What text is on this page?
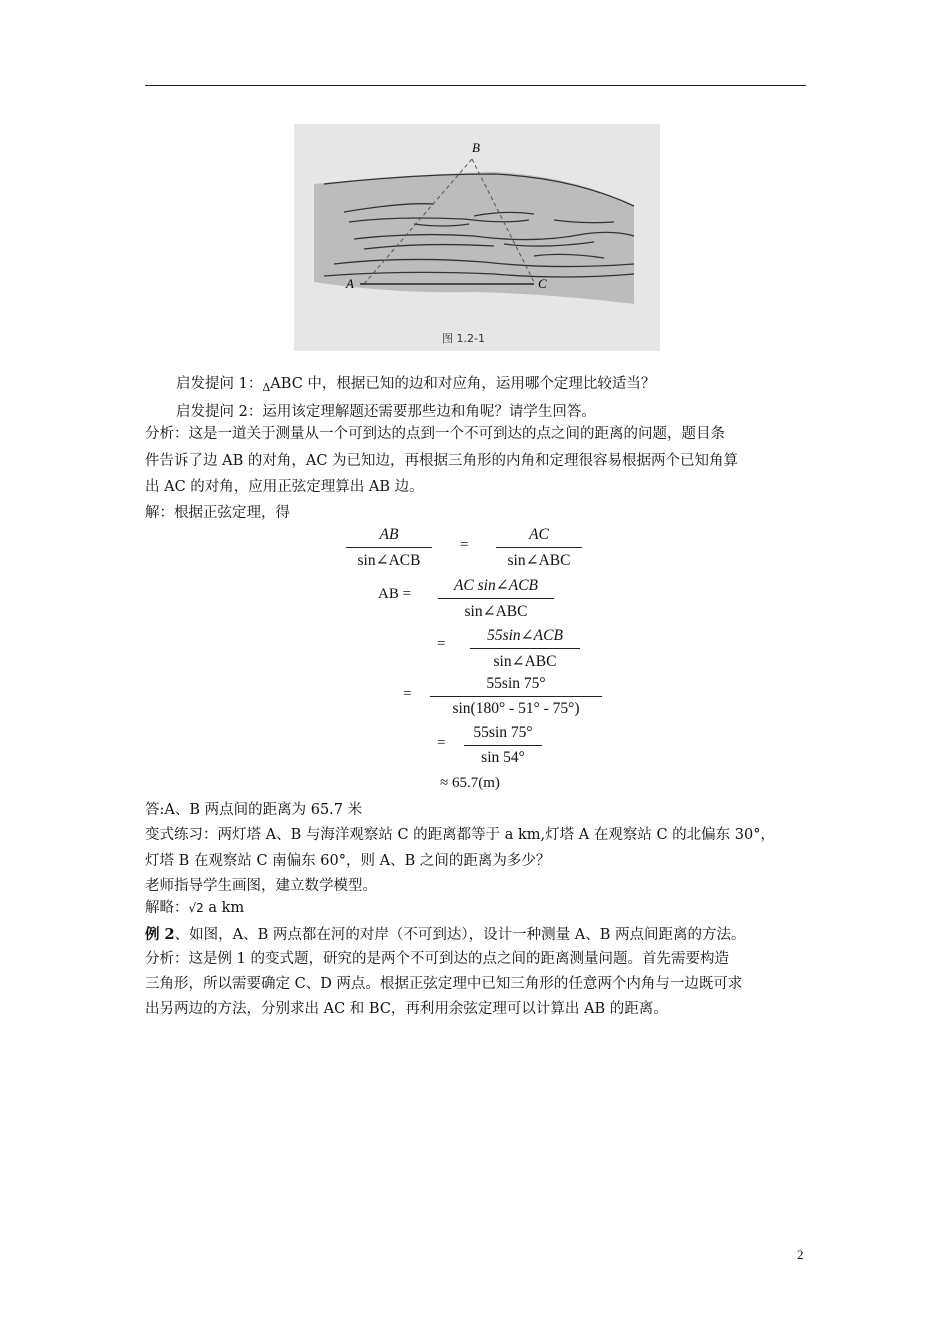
B
A	C
图 1.2-1
启发提问 1：$_\Delta$ABC 中，根据已知的边和对应角，运用哪个定理比较适当？
启发提问 2：运用该定理解题还需要那些边和角呢？请学生回答。
分析：这是一道关于测量从一个可到达的点到一个不可到达的点之间的距离的问题，题目条
件告诉了边 AB 的对角，AC 为已知边，再根据三角形的内角和定理很容易根据两个已知角算
出 AC 的对角，应用正弦定理算出 AB 边。
解：根据正弦定理，得
AB
sin∠ACB
=
AC
sin∠ABC
AB =	AC sin∠ACB
sin∠ABC
=	55sin∠ACB
sin∠ABC
= $\frac{55\sin 75^\circ}{\sin(180^\circ - 51^\circ - 75^\circ)}$
= $\frac{55\sin 75^\circ}{\sin 54^\circ}$
≈ 65.7(m)
答:A、B 两点间的距离为 65.7 米
变式练习：两灯塔 A、B 与海洋观察站 C 的距离都等于 a km,灯塔 A 在观察站 C 的北偏东 30°，
灯塔 B 在观察站 C 南偏东 60°，则 A、B 之间的距离为多少？
老师指导学生画图，建立数学模型。
解略：√2 a km
例 2、如图，A、B 两点都在河的对岸（不可到达），设计一种测量 A、B 两点间距离的方法。
分析：这是例 1 的变式题，研究的是两个不可到达的点之间的距离测量问题。首先需要构造
三角形，所以需要确定 C、D 两点。根据正弦定理中已知三角形的任意两个内角与一边既可求
出另两边的方法，分别求出 AC 和 BC，再利用余弦定理可以计算出 AB 的距离。
2
